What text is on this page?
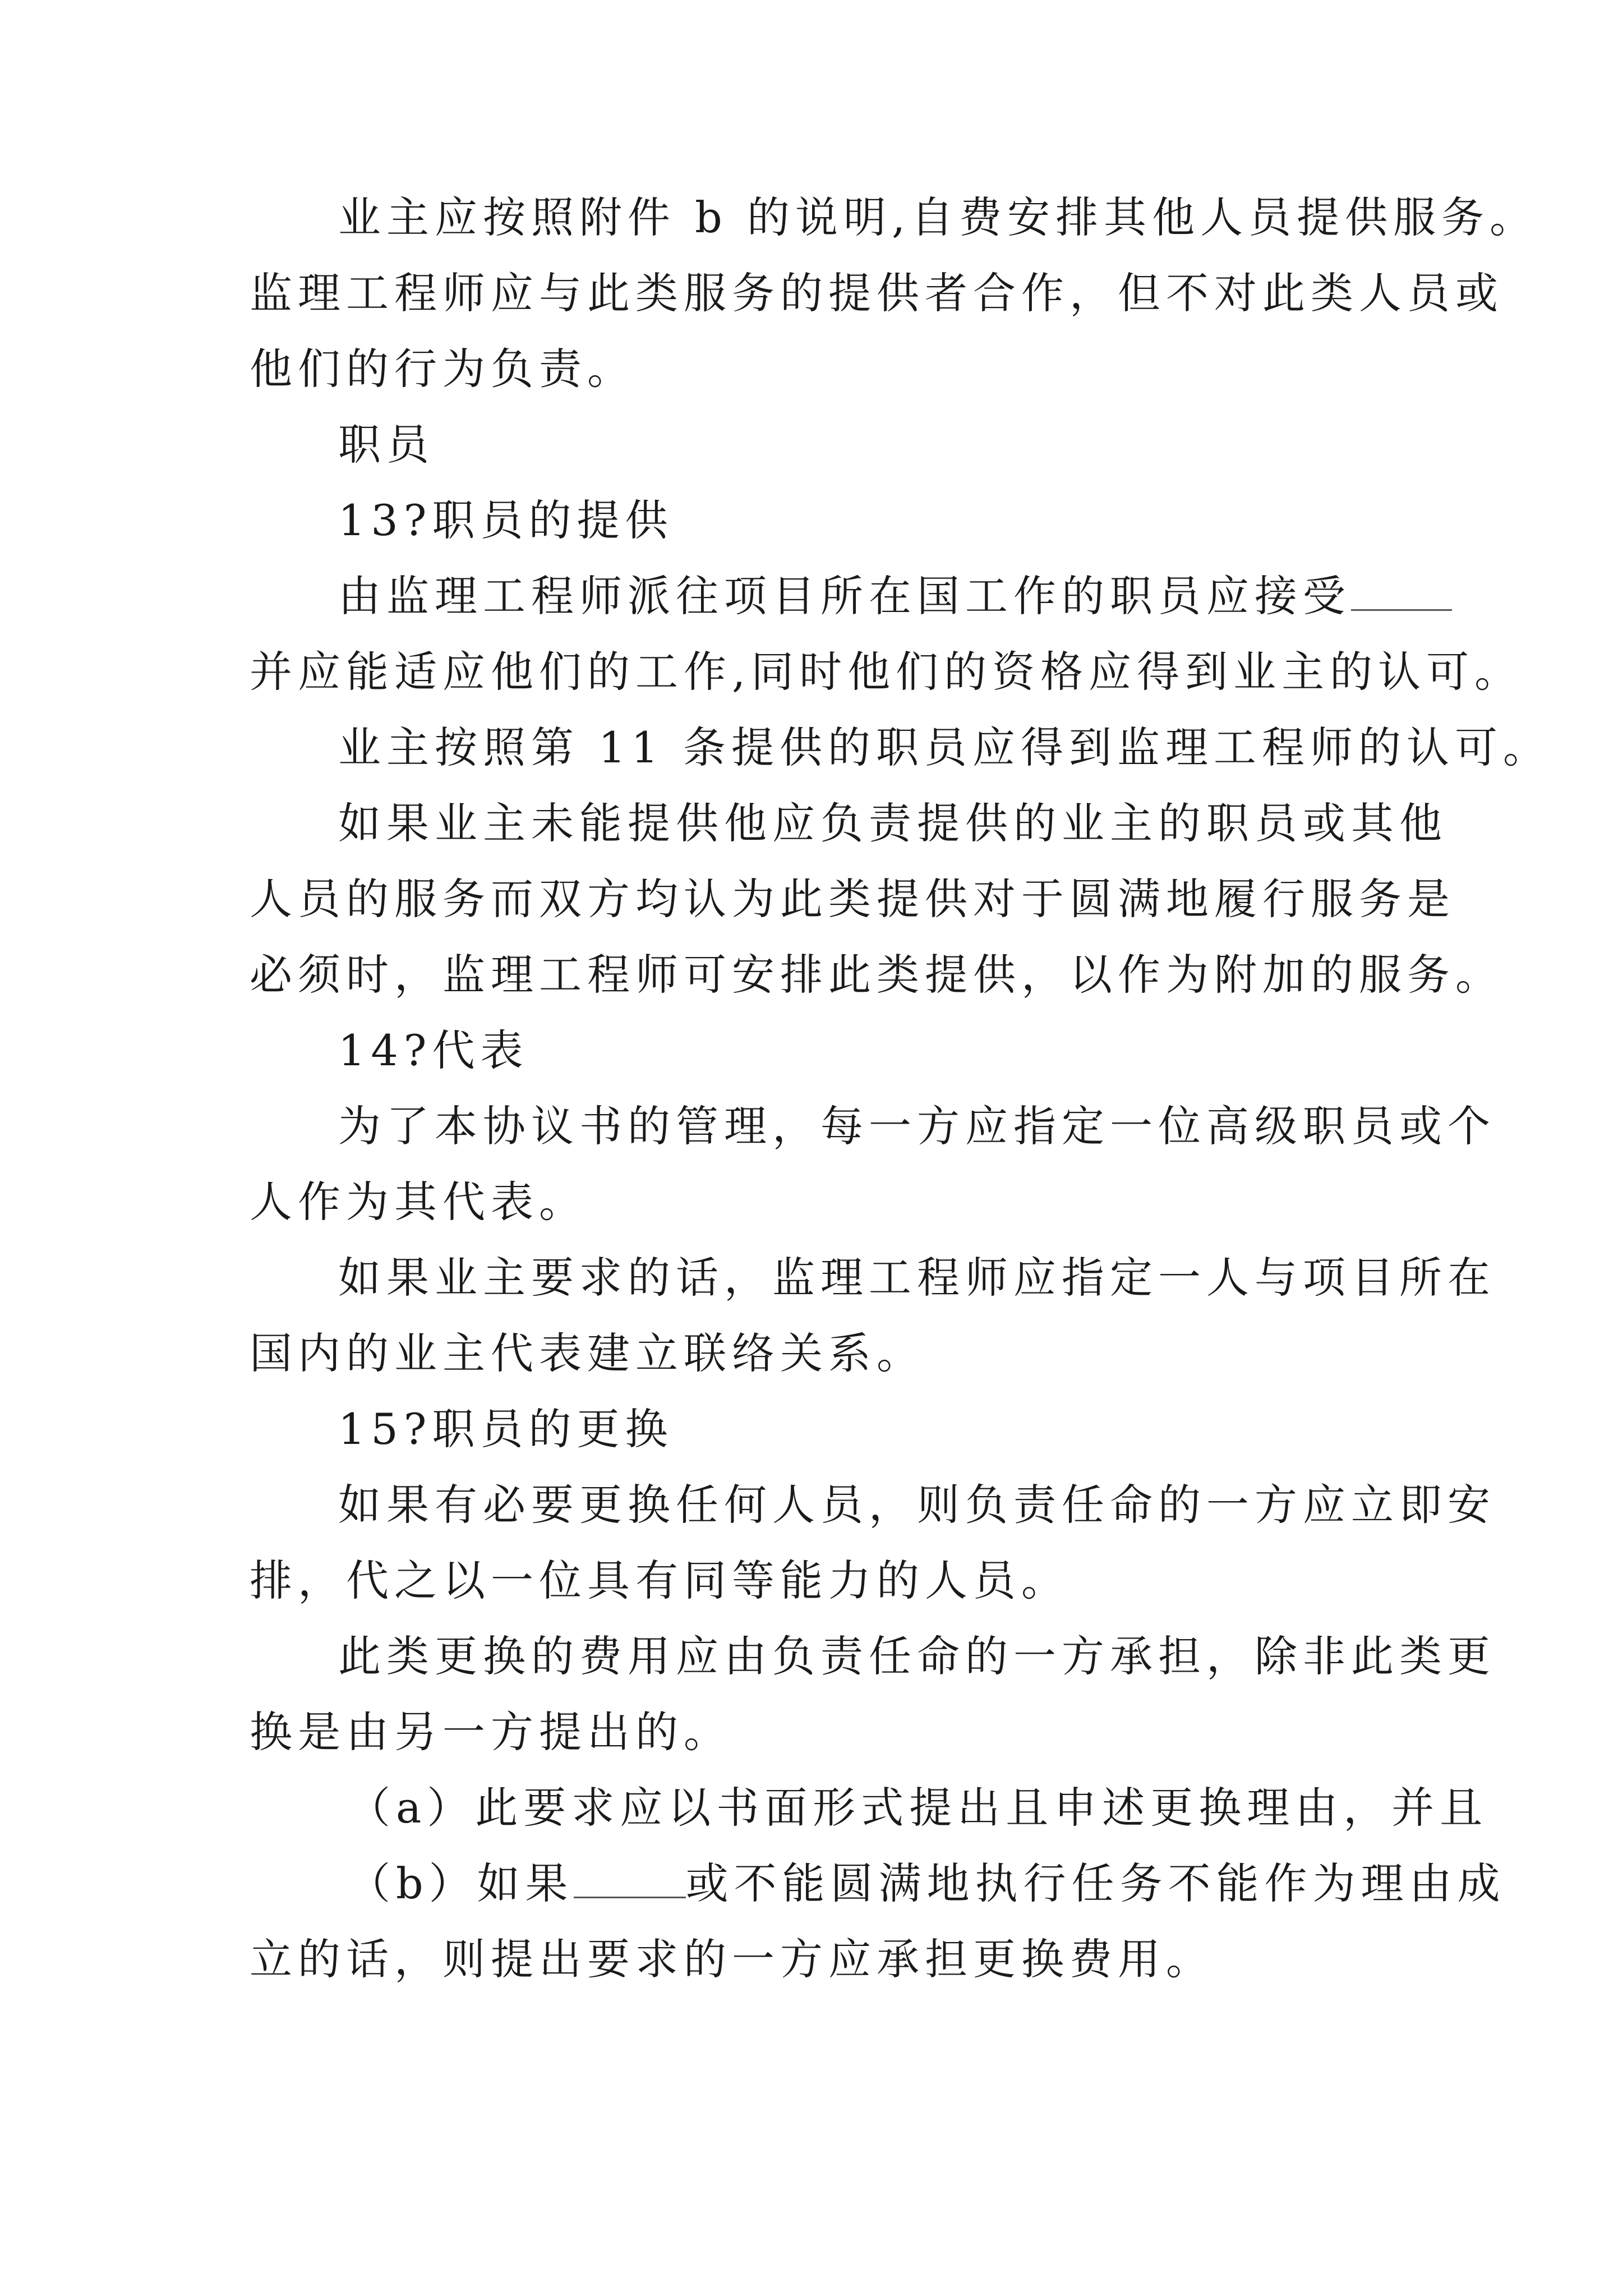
业主应按照附件 b 的说明,自费安排其他人员提供服务。
监理工程师应与此类服务的提供者合作，但不对此类人员或
他们的行为负责。
职员
13?职员的提供
由监理工程师派往项目所在国工作的职员应接受
并应能适应他们的工作,同时他们的资格应得到业主的认可。
业主按照第 11 条提供的职员应得到监理工程师的认可。
如果业主未能提供他应负责提供的业主的职员或其他
人员的服务而双方均认为此类提供对于圆满地履行服务是
必须时，监理工程师可安排此类提供，以作为附加的服务。
14?代表
为了本协议书的管理，每一方应指定一位高级职员或个
人作为其代表。
如果业主要求的话，监理工程师应指定一人与项目所在
国内的业主代表建立联络关系。
15?职员的更换
如果有必要更换任何人员，则负责任命的一方应立即安
排，代之以一位具有同等能力的人员。
此类更换的费用应由负责任命的一方承担，除非此类更
换是由另一方提出的。
（a）此要求应以书面形式提出且申述更换理由，并且
（b）如果	或不能圆满地执行任务不能作为理由成
立的话，则提出要求的一方应承担更换费用。
